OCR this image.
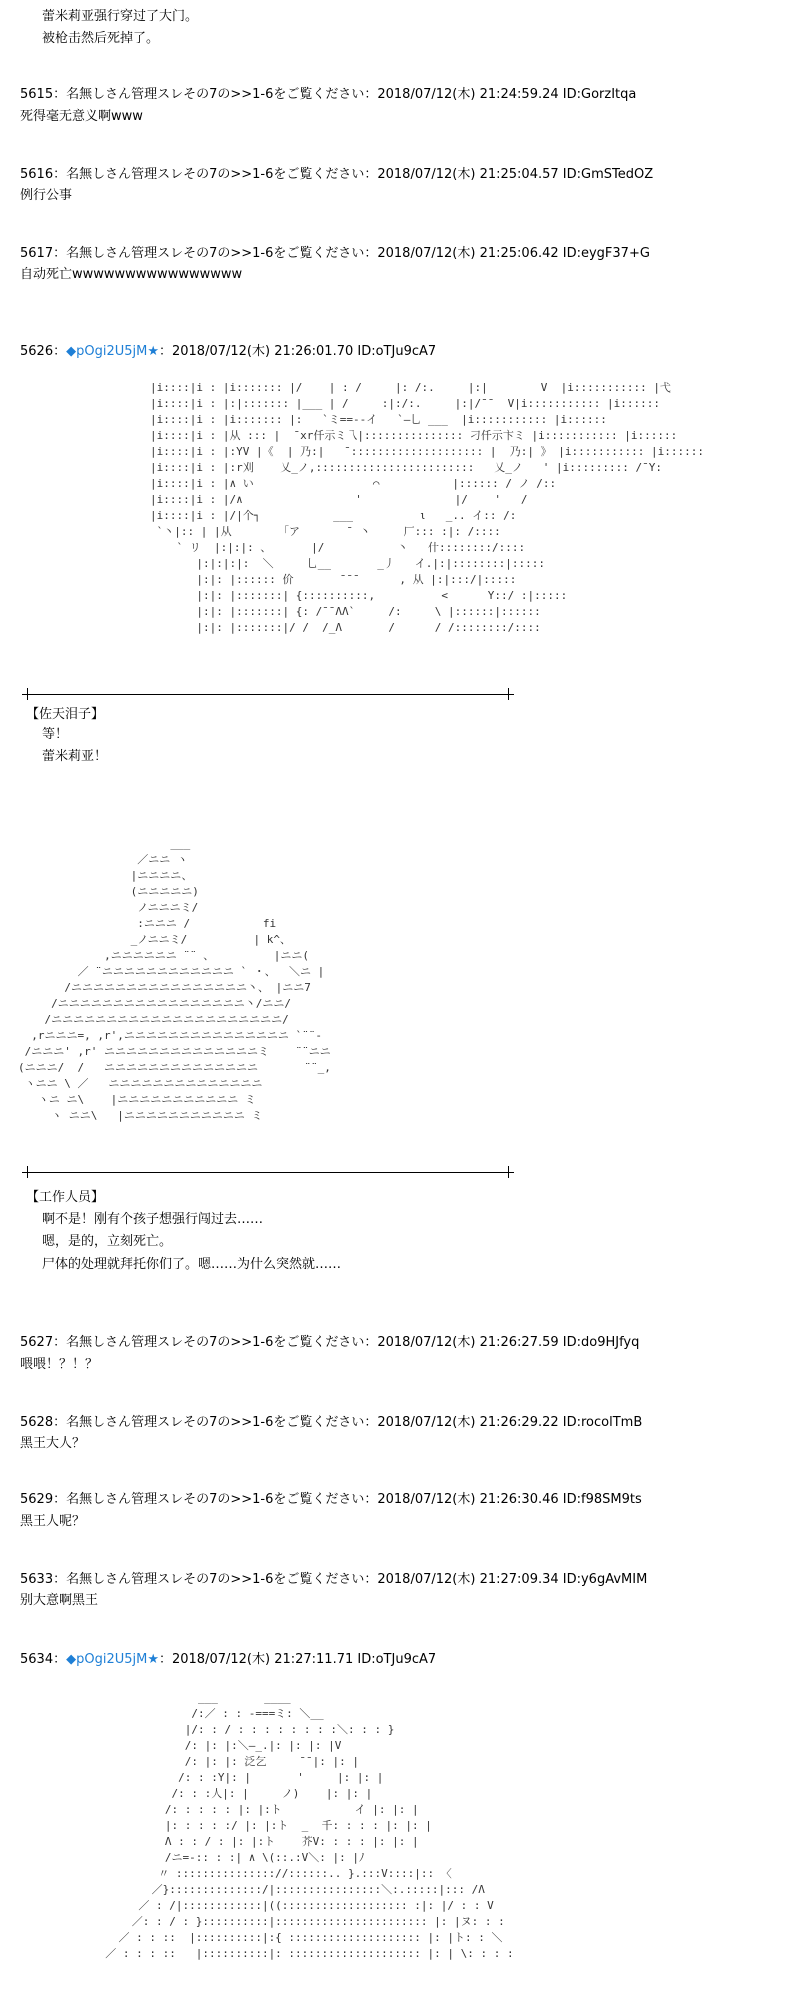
蕾米莉亚强行穿过了大门。
被枪击然后死掉了。
5615：名無しさん管理スレその7の>>1-6をご覧ください：2018/07/12(木) 21:24:59.24 ID:GorzItqa
死得毫无意义啊www
5616：名無しさん管理スレその7の>>1-6をご覧ください：2018/07/12(木) 21:25:04.57 ID:GmSTedOZ
例行公事
5617：名無しさん管理スレその7の>>1-6をご覧ください：2018/07/12(木) 21:25:06.42 ID:eygF37+G
自动死亡wwwwwwwwwwwwwwww
5626：◆pOgi2U5jM★：2018/07/12(木) 21:26:01.70 ID:oTJu9cA7
|i::::|i : |i::::::: |/    | : /     |: /:.     |:|        V  |i::::::::::: |弋
|i::::|i : |:|::::::: |___ | /     :|:/:.     |:|/¯¯  V|i::::::::::: |i::::::
|i::::|i : |i::::::: |:   `ミ==-‐イ   `—乚 ___  |i::::::::::: |i::::::
|i::::|i : |从 ::: |  ̄ xr仟示ミ乁|::::::::::::::: 刁仟示卞ミ |i::::::::::: |i::::::
|i::::|i : |:YV |《  | 乃:|   ̄ :::::::::::::::::::: |  乃:| 》 |i::::::::::: |i::::::
|i::::|i : |:r刈    乂_ノ,::::::::::::::::::::::::   乂_ノ   ' |i::::::::: /¯Y:
|i::::|i : |∧ い                  ⌒           |:::::: / ノ /::
|i::::|i : |/∧                 '              |/    '   /
|i::::|i : |/|个┐           ___          ι   _.. イ:: /:
`丶|:: | |从       「ア       ¯ 丶     厂::: :|: /::::
` リ  |:|:|: 、      |/           丶   什::::::::/::::
|:|:|:|:  ＼     乚__       _丿   イ.|:|::::::::|:::::
|:|: |:::::: 价       ¯¯¯      , 从 |:|:::/|:::::
|:|: |:::::::| {::::::::::,          <      Y::/ :|:::::
|:|: |:::::::| {: /¯¯ΛΛ`     /:     \ |::::::|::::::
|:|: |:::::::|/ /  /_Λ       /      / /::::::::/::::
【佐天泪子】
等！
蕾米莉亚！
___
／ニニ ヽ
|ニニニニ、
(ニニニニニ)
ノニニニミ/
:ニニニ /           fi
_ノニニミ/          | k^、
,ニニニニニニ ¨¨ 、         |ニニ(
／ ¨ニニニニニニニニニニニニ ` ・、  ＼ニ |
/ニニニニニニニニニニニニニニニニ丶、 |ニニ7
/ニニニニニニニニニニニニニニニニニ丶/ニニ/
/ニニニニニニニニニニニニニニニニニニニニニ/
,rニニニ=, ,r',ニニニニニニニニニニニニニニニ `¨¨-
/ニニニ' ,r' ニニニニニニニニニニニニニニミ    ¨¨ニニ
(ニニニ/  /   ニニニニニニニニニニニニニニ       ¨¨_,
ヽニニ \ ／   ニニニニニニニニニニニニニニ
ヽニ ニ\    |ニニニニニニニニニニニ ミ
ヽ ニニ\   |ニニニニニニニニニニニ ミ
【工作人员】
啊不是！刚有个孩子想强行闯过去……
嗯，是的，立刻死亡。
尸体的处理就拜托你们了。嗯……为什么突然就……
5627：名無しさん管理スレその7の>>1-6をご覧ください：2018/07/12(木) 21:26:27.59 ID:do9HJfyq
喂喂！？！？
5628：名無しさん管理スレその7の>>1-6をご覧ください：2018/07/12(木) 21:26:29.22 ID:rocolTmB
黑王大人？
5629：名無しさん管理スレその7の>>1-6をご覧ください：2018/07/12(木) 21:26:30.46 ID:f98SM9ts
黑王人呢？
5633：名無しさん管理スレその7の>>1-6をご覧ください：2018/07/12(木) 21:27:09.34 ID:y6gAvMIM
别大意啊黑王
5634：◆pOgi2U5jM★：2018/07/12(木) 21:27:11.71 ID:oTJu9cA7
___       ____
/:／ : : -===ミ: ＼__
|/: : / : : : : : : : :＼: : : }
/: |: |:＼—_.|: |: |: |V
/: |: |: 泛乞     ¯¯|: |: |
/: : :Y|: |       '     |: |: |
/: : :人|: |     ノ)    |: |: |
/: : : : : |: |:ト           イ |: |: |
|: : : : :/ |: |:ト  _  千: : : : |: |: |
Λ : : / : |: |:ト    芥V: : : : |: |: |
/ニ=-:: : :| ∧ \(::.:V＼: |: |ﾉ
〃 ::::::::::::::://::::::.. }.:::V::::|:: 〈
／}::::::::::::::/|::::::::::::::::＼:.:::::|::: /Λ
／ : /|::::::::::::|((::::::::::::::::::: :|: |/ : : V
／: : / : }::::::::::|::::::::::::::::::::::: |: |ヌ: : :
／ : : ::  |::::::::::|:{ :::::::::::::::::::: |: |ト: : ＼
／ : : : ::   |::::::::::|: :::::::::::::::::::: |: | \: : : :
